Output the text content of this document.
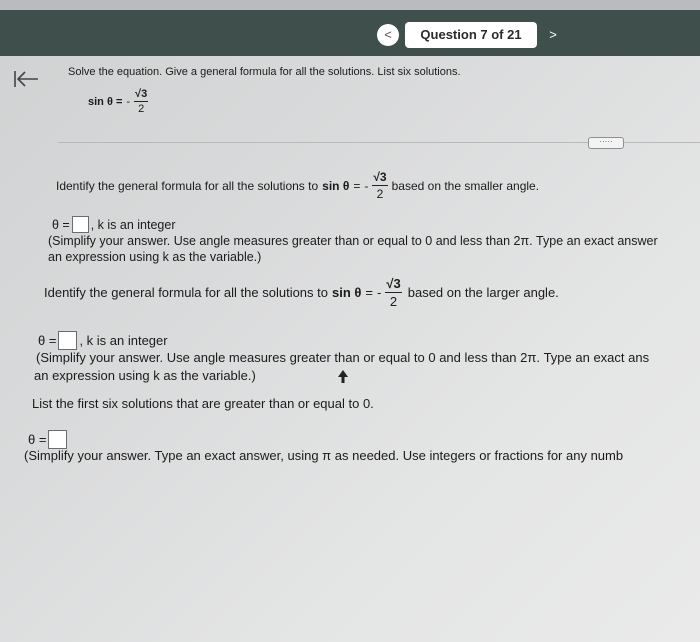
<	Question 7 of 21	>
Solve the equation. Give a general formula for all the solutions. List six solutions.
sin θ = - $\frac{√3}{2}$
·····
Identify the general formula for all the solutions to sin θ = - $\frac{√3}{2}$ based on the smaller angle.
θ = , k is an integer
(Simplify your answer. Use angle measures greater than or equal to 0 and less than 2π. Type an exact answer
an expression using k as the variable.)
Identify the general formula for all the solutions to sin θ = - $\frac{√3}{2}$ based on the larger angle.
θ = , k is an integer
(Simplify your answer. Use angle measures greater than or equal to 0 and less than 2π. Type an exact ans
an expression using k as the variable.)
List the first six solutions that are greater than or equal to 0.
θ =
(Simplify your answer. Type an exact answer, using π as needed. Use integers or fractions for any numb
